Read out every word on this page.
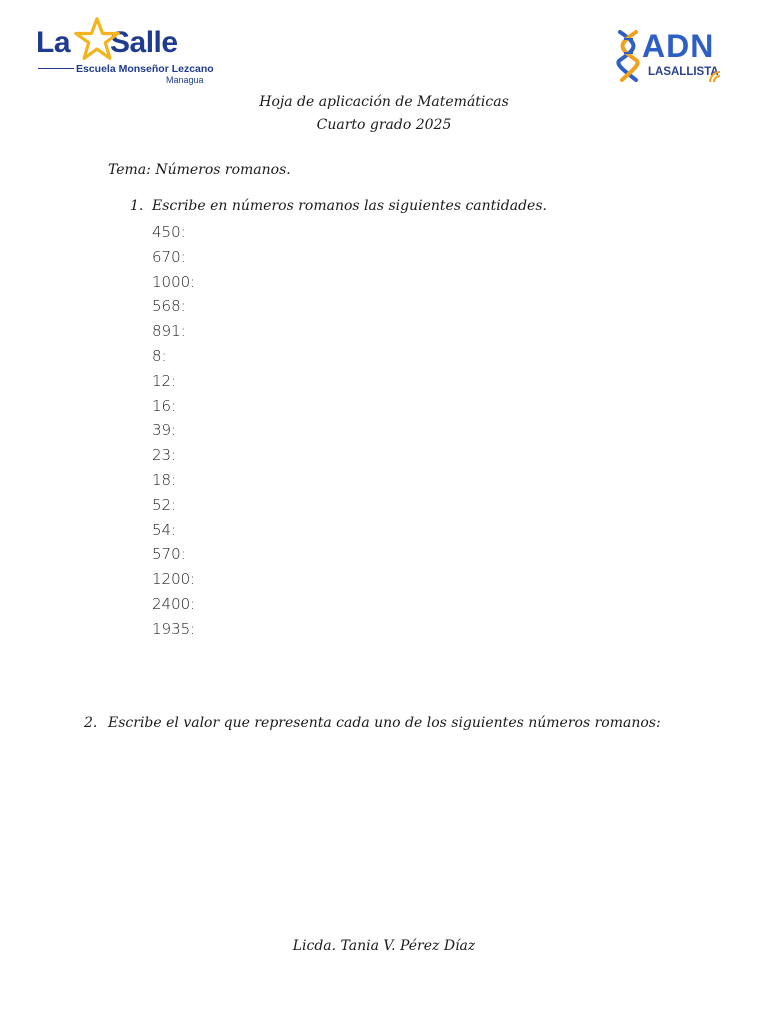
La Salle
Escuela Monseñor Lezcano
Managua
ADN
LASALLISTA
Hoja de aplicación de Matemáticas
Cuarto grado 2025
Tema: Números romanos.
1. Escribe en números romanos las siguientes cantidades.
450:
670:
1000:
568:
891:
8:
12:
16:
39:
23:
18:
52:
54:
570:
1200:
2400:
1935:
2. Escribe el valor que representa cada uno de los siguientes números romanos:
Licda. Tania V. Pérez Díaz
